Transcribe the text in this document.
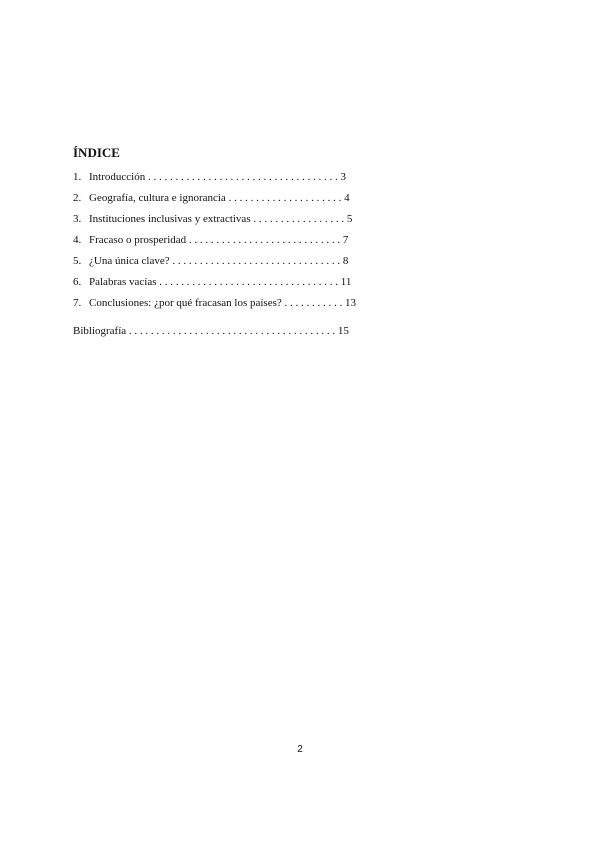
ÍNDICE
1. Introducción . . . . . . . . . . . . . . . . . . . . . . . . . . . . . . . . . . . 3
2. Geografía, cultura e ignorancia . . . . . . . . . . . . . . . . . . . . . 4
3. Instituciones inclusivas y extractivas . . . . . . . . . . . . . . . . . 5
4. Fracaso o prosperidad . . . . . . . . . . . . . . . . . . . . . . . . . . . . 7
5. ¿Una única clave? . . . . . . . . . . . . . . . . . . . . . . . . . . . . . . . 8
6. Palabras vacías . . . . . . . . . . . . . . . . . . . . . . . . . . . . . . . . . 11
7. Conclusiones: ¿por qué fracasan los países? . . . . . . . . . . . 13
Bibliografía . . . . . . . . . . . . . . . . . . . . . . . . . . . . . . . . . . . . . . 15
2
